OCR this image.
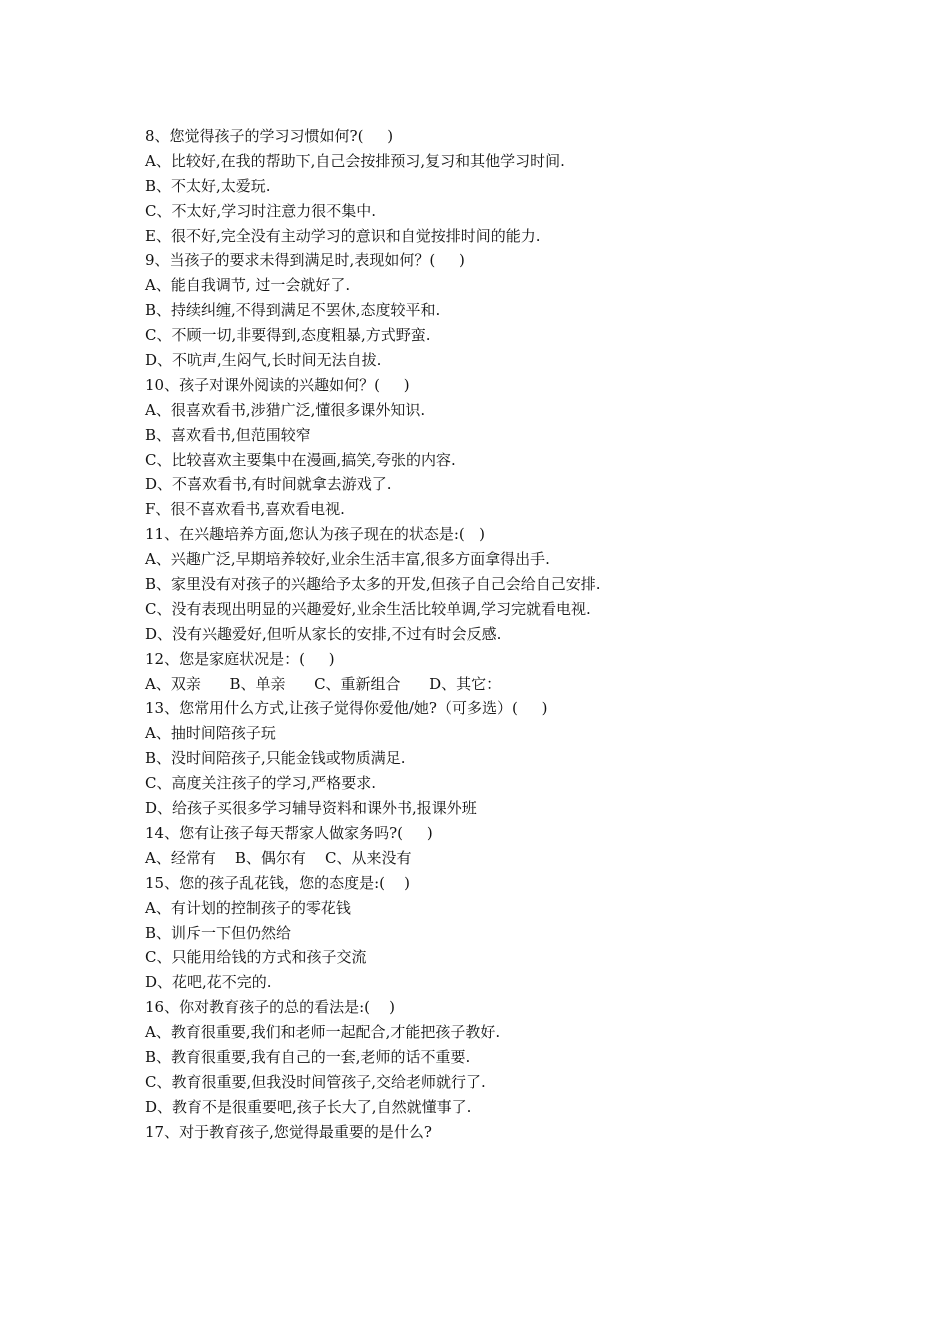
8、您觉得孩子的学习习惯如何?(     )

A、比较好,在我的帮助下,自己会按排预习,复习和其他学习时间.

B、不太好,太爱玩.

C、不太好,学习时注意力很不集中.

E、很不好,完全没有主动学习的意识和自觉按排时间的能力.

9、当孩子的要求未得到满足时,表现如何？(     )

A、能自我调节, 过一会就好了.

B、持续纠缠,不得到满足不罢休,态度较平和.

C、不顾一切,非要得到,态度粗暴,方式野蛮.

D、不吭声,生闷气,长时间无法自拔.

10、孩子对课外阅读的兴趣如何？(     )

A、很喜欢看书,涉猎广泛,懂很多课外知识.

B、喜欢看书,但范围较窄

C、比较喜欢主要集中在漫画,搞笑,夸张的内容.

D、不喜欢看书,有时间就拿去游戏了.

F、很不喜欢看书,喜欢看电视.

11、在兴趣培养方面,您认为孩子现在的状态是:(   )

A、兴趣广泛,早期培养较好,业余生活丰富,很多方面拿得出手.

B、家里没有对孩子的兴趣给予太多的开发,但孩子自己会给自己安排.

C、没有表现出明显的兴趣爱好,业余生活比较单调,学习完就看电视.

D、没有兴趣爱好,但听从家长的安排,不过有时会反感.

12、您是家庭状况是：(     )

A、双亲      B、单亲      C、重新组合      D、其它：

13、您常用什么方式,让孩子觉得你爱他/她?（可多选）(     )

A、抽时间陪孩子玩

B、没时间陪孩子,只能金钱或物质满足.

C、高度关注孩子的学习,严格要求.

D、给孩子买很多学习辅导资料和课外书,报课外班

14、您有让孩子每天帮家人做家务吗?(     )

A、经常有    B、偶尔有    C、从来没有

15、您的孩子乱花钱，您的态度是:(    )

A、有计划的控制孩子的零花钱

B、训斥一下但仍然给

C、只能用给钱的方式和孩子交流

D、花吧,花不完的.

16、你对教育孩子的总的看法是:(    )

A、教育很重要,我们和老师一起配合,才能把孩子教好.

B、教育很重要,我有自己的一套,老师的话不重要.

C、教育很重要,但我没时间管孩子,交给老师就行了.

D、教育不是很重要吧,孩子长大了,自然就懂事了.

17、对于教育孩子,您觉得最重要的是什么?
